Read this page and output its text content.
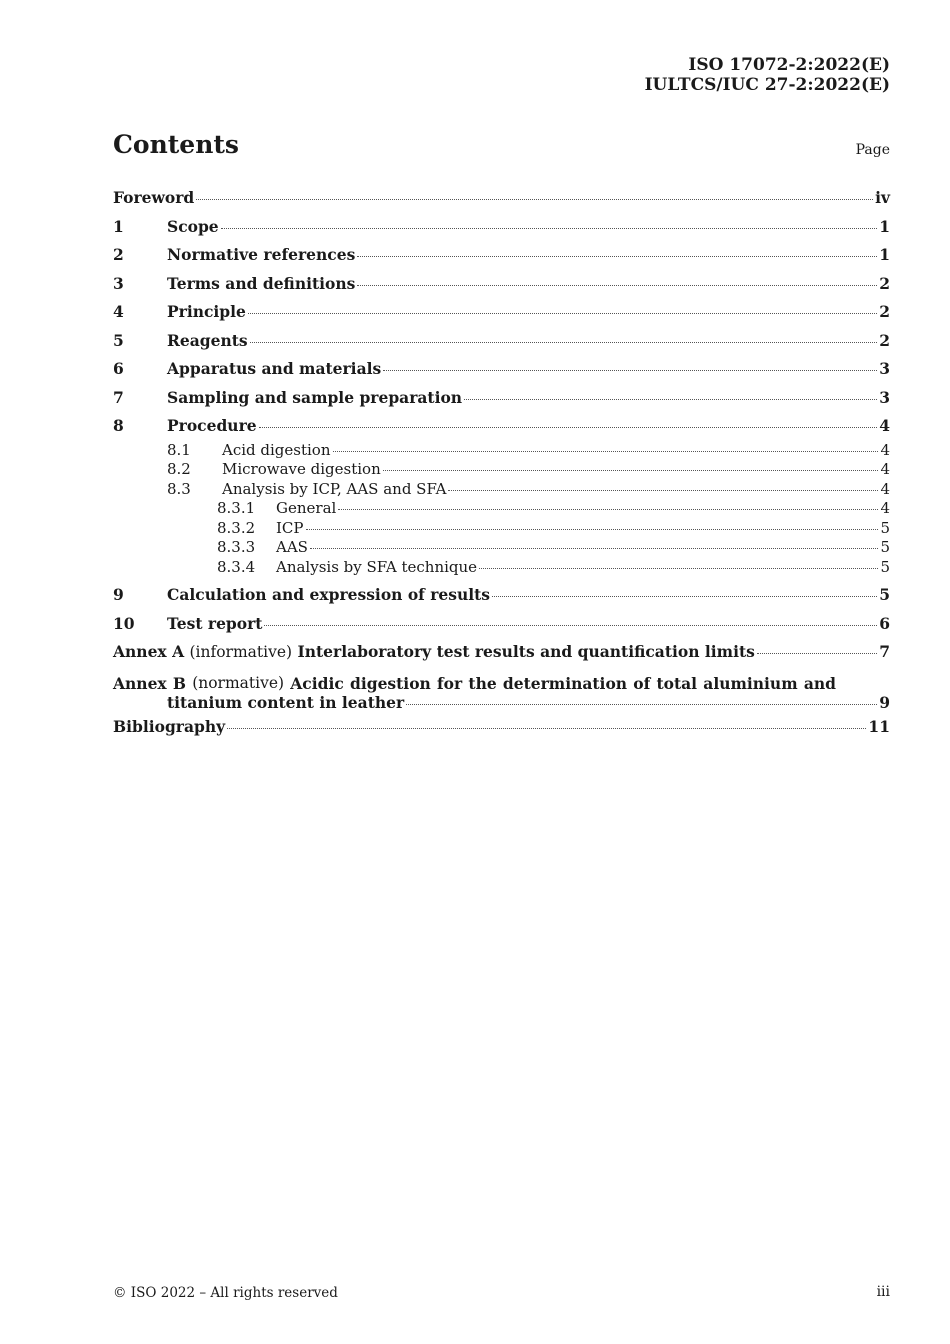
ISO 17072-2:2022(E)
IULTCS/IUC 27-2:2022(E)
Contents	Page
Foreword	iv
1	Scope	1
2	Normative references	1
3	Terms and definitions	2
4	Principle	2
5	Reagents	2
6	Apparatus and materials	3
7	Sampling and sample preparation	3
8	Procedure	4
8.1	Acid digestion	4
8.2	Microwave digestion	4
8.3	Analysis by ICP, AAS and SFA	4
8.3.1	General	4
8.3.2	ICP	5
8.3.3	AAS	5
8.3.4	Analysis by SFA technique	5
9	Calculation and expression of results	5
10	Test report	6
Annex A (informative) Interlaboratory test results and quantification limits	7
Annex B (normative) Acidic digestion for the determination of total aluminium and
titanium content in leather	9
Bibliography	11
© ISO 2022 – All rights reserved	iii
